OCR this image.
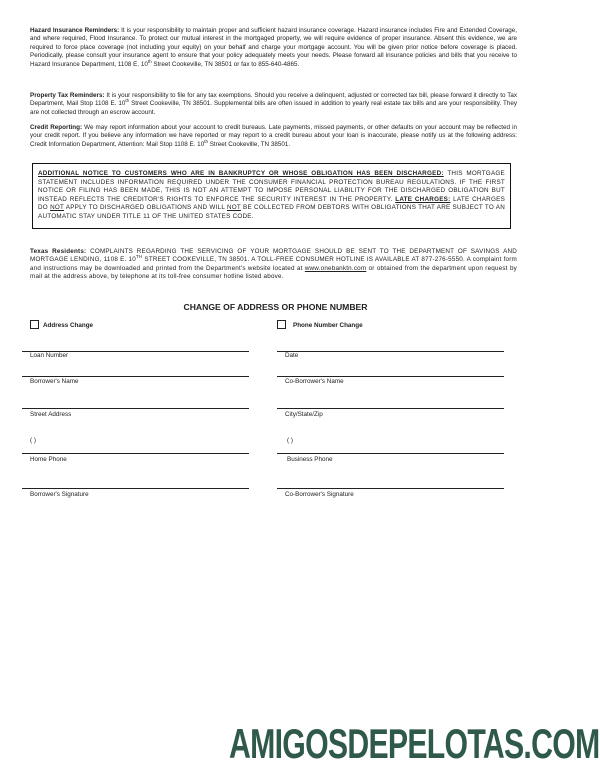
Hazard Insurance Reminders: It is your responsibility to maintain proper and sufficient hazard insurance coverage. Hazard insurance includes Fire and Extended Coverage, and where required, Flood Insurance. To protect our mutual interest in the mortgaged property, we will require evidence of proper insurance. Absent this evidence, we are required to force place coverage (not including your equity) on your behalf and charge your mortgage account. You will be given prior notice before coverage is placed. Periodically, please consult your insurance agent to ensure that your policy adequately meets your needs. Please forward all insurance policies and bills that you receive to Hazard Insurance Department, 1108 E. 10th Street Cookeville, TN 38501 or fax to 855-640-4865.

Property Tax Reminders: It is your responsibility to file for any tax exemptions. Should you receive a delinquent, adjusted or corrected tax bill, please forward it directly to Tax Department, Mail Stop 1108 E. 10th Street Cookeville, TN 38501. Supplemental bills are often issued in addition to yearly real estate tax bills and are your responsibility. They are not collected through an escrow account.

Credit Reporting: We may report information about your account to credit bureaus. Late payments, missed payments, or other defaults on your account may be reflected in your credit report. If you believe any information we have reported or may report to a credit bureau about your loan is inaccurate, please notify us at the following address: Credit Information Department, Attention: Mail Stop 1108 E. 10th Street Cookeville, TN 38501.

ADDITIONAL NOTICE TO CUSTOMERS WHO ARE IN BANKRUPTCY OR WHOSE OBLIGATION HAS BEEN DISCHARGED: THIS MORTGAGE STATEMENT INCLUDES INFORMATION REQUIRED UNDER THE CONSUMER FINANCIAL PROTECTION BUREAU REGULATIONS. IF THE FIRST NOTICE OR FILING HAS BEEN MADE, THIS IS NOT AN ATTEMPT TO IMPOSE PERSONAL LIABILITY FOR THE DISCHARGED OBLIGATION BUT INSTEAD REFLECTS THE CREDITOR'S RIGHTS TO ENFORCE THE SECURITY INTEREST IN THE PROPERTY. LATE CHARGES: LATE CHARGES DO NOT APPLY TO DISCHARGED OBLIGATIONS AND WILL NOT BE COLLECTED FROM DEBTORS WITH OBLIGATIONS THAT ARE SUBJECT TO AN AUTOMATIC STAY UNDER TITLE 11 OF THE UNITED STATES CODE.

Texas Residents: COMPLAINTS REGARDING THE SERVICING OF YOUR MORTGAGE SHOULD BE SENT TO THE DEPARTMENT OF SAVINGS AND MORTGAGE LENDING, 1108 E. 10TH STREET COOKEVILLE, TN 38501. A TOLL-FREE CONSUMER HOTLINE IS AVAILABLE AT 877-276-5550. A complaint form and instructions may be downloaded and printed from the Department's website located at www.onebanktn.com or obtained from the department upon request by mail at the address above, by telephone at its toll-free consumer hotline listed above.

CHANGE OF ADDRESS OR PHONE NUMBER
Address Change	Phone Number Change
Loan Number	Date
Borrower's Name	Co-Borrower's Name
Street Address	City/State/Zip
( )	( )
Home Phone	Business Phone
Borrower's Signature	Co-Borrower's Signature
AMIGOSDEPELOTAS.COM
